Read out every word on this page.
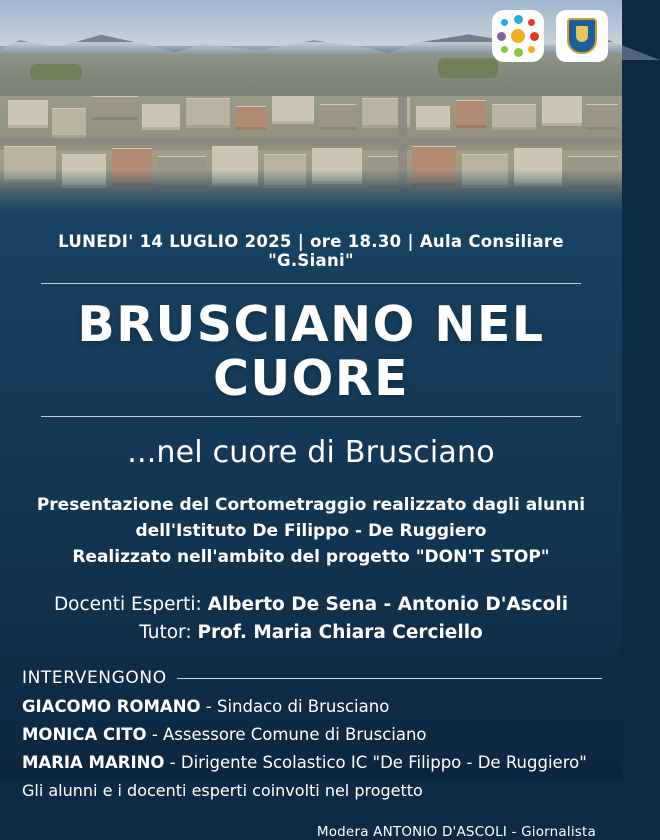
LUNEDI' 14 LUGLIO 2025 | ore 18.30 | Aula Consiliare "G.Siani"
BRUSCIANO NEL CUORE
...nel cuore di Brusciano
Presentazione del Cortometraggio realizzato dagli alunni
dell'Istituto De Filippo - De Ruggiero
Realizzato nell'ambito del progetto "DON'T STOP"
Docenti Esperti: Alberto De Sena - Antonio D'Ascoli
Tutor: Prof. Maria Chiara Cerciello
INTERVENGONO
GIACOMO ROMANO - Sindaco di Brusciano
MONICA CITO - Assessore Comune di Brusciano
MARIA MARINO - Dirigente Scolastico IC "De Filippo - De Ruggiero"
Gli alunni e i docenti esperti coinvolti nel progetto
Modera ANTONIO D'ASCOLI - Giornalista
